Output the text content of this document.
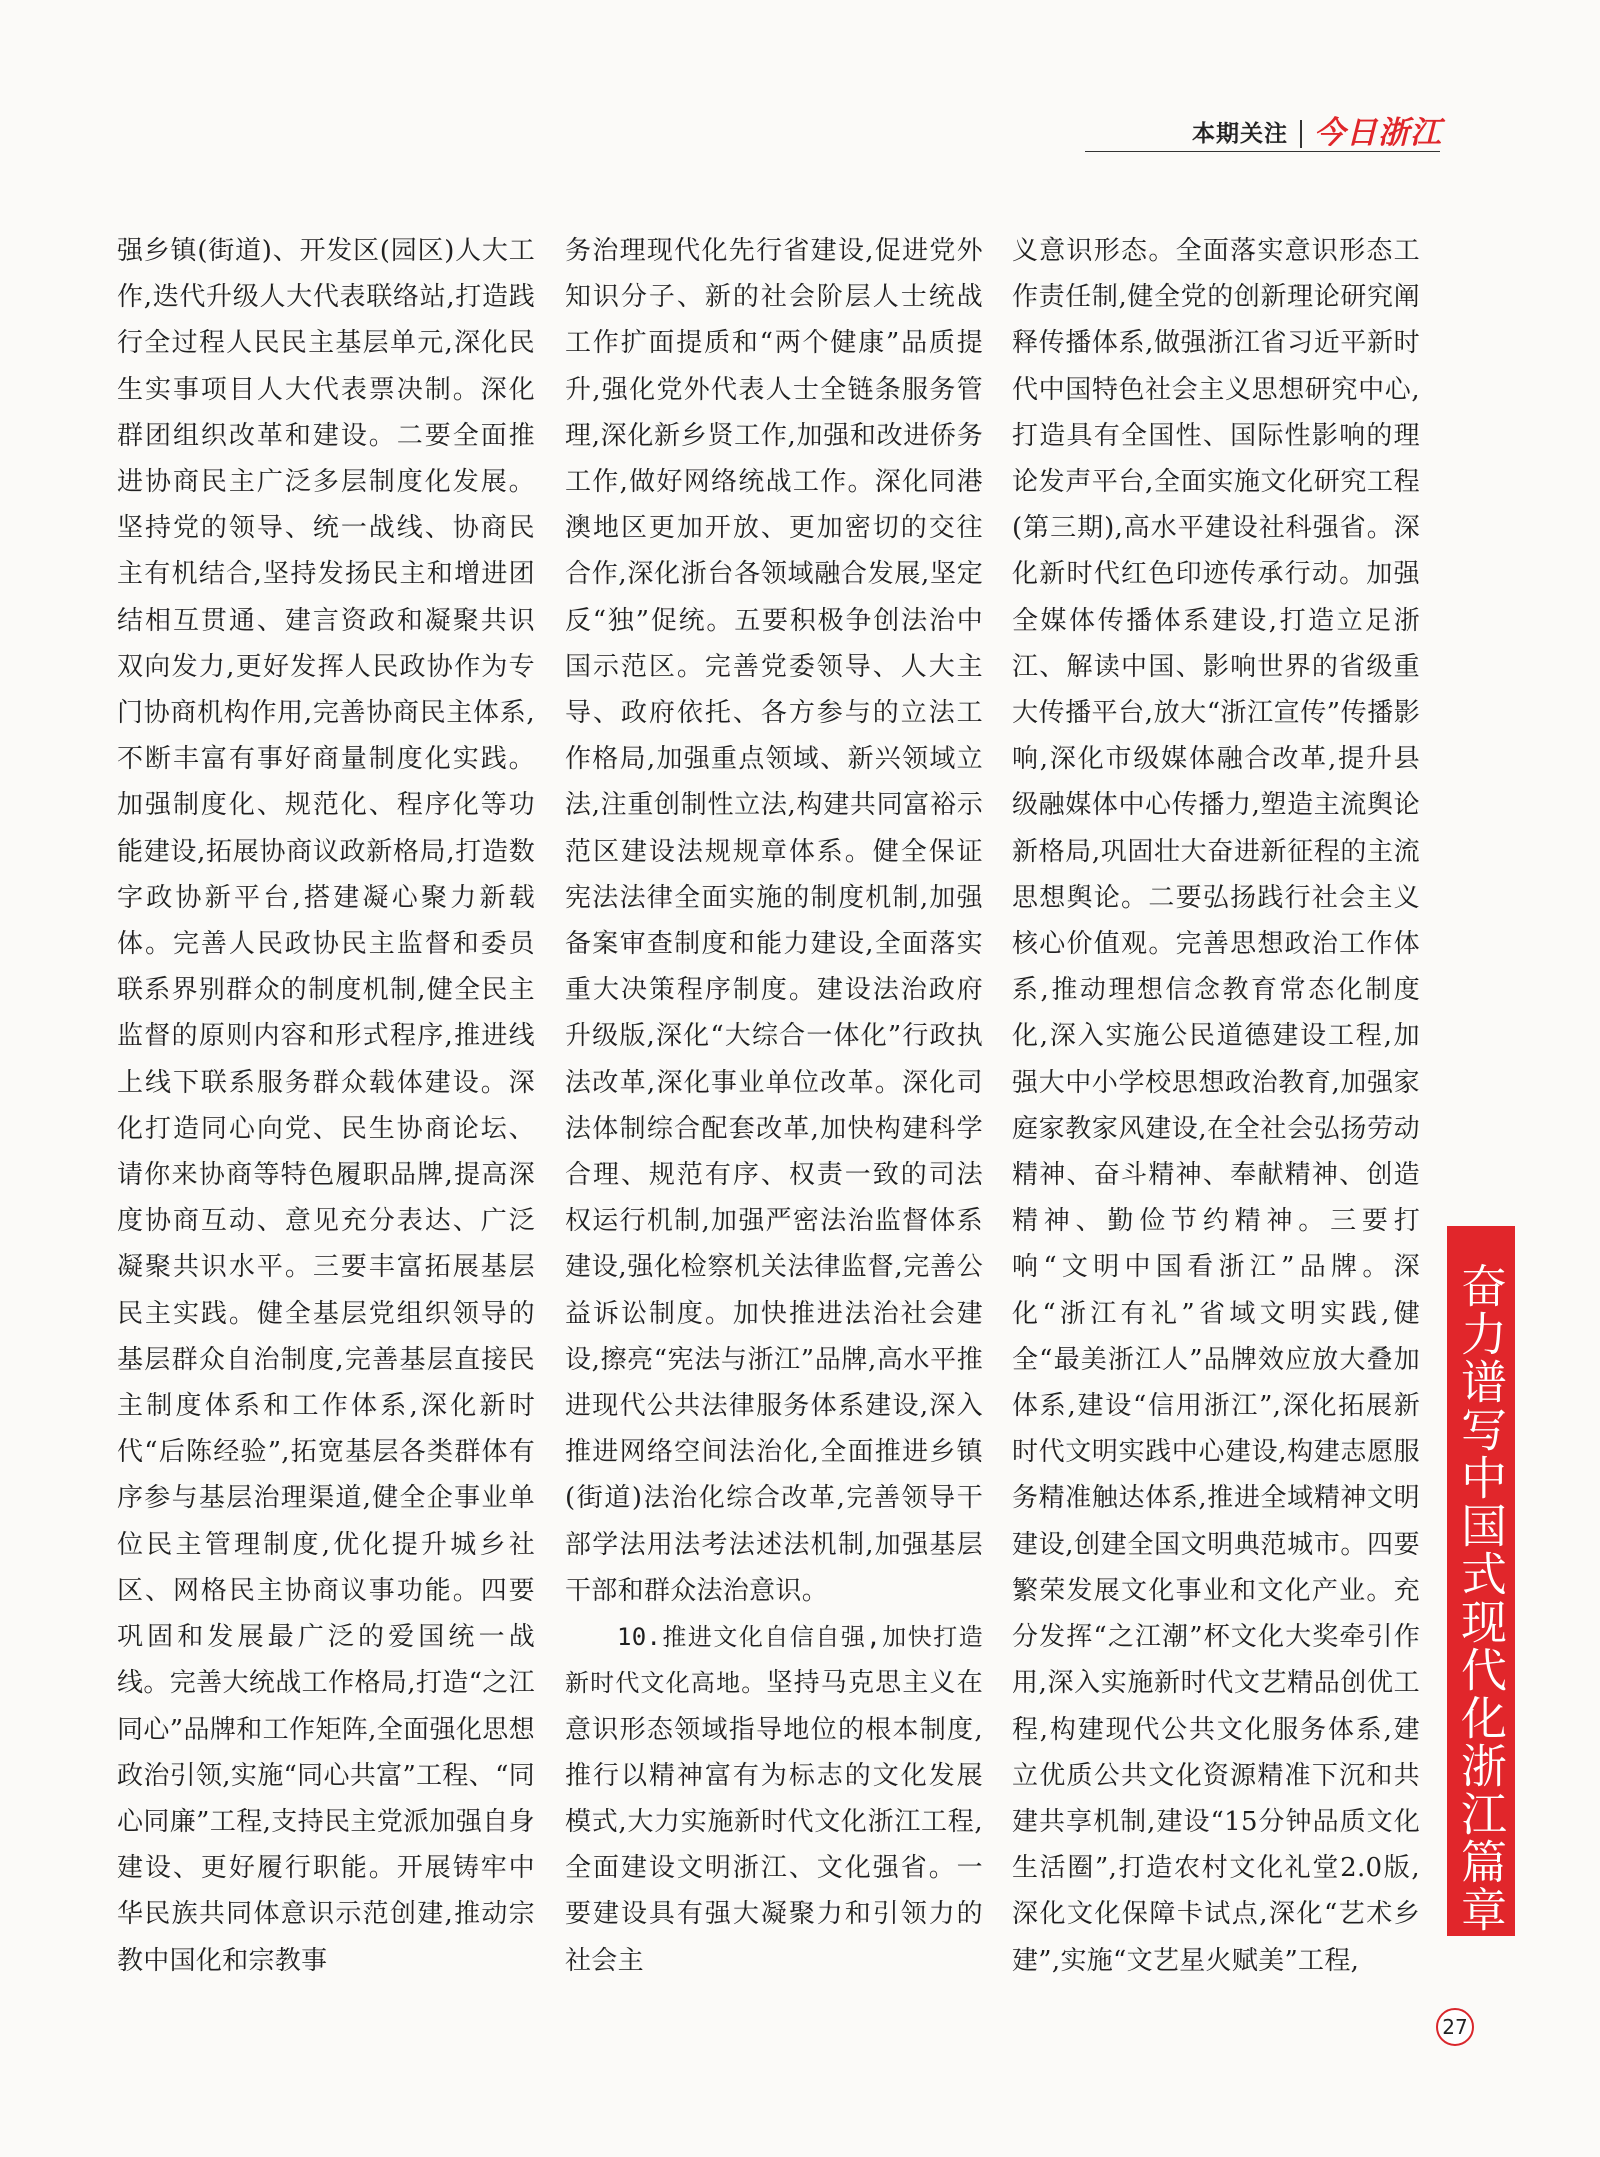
本期关注 今日浙江

强乡镇(街道)、开发区(园区)人大工作,迭代升级人大代表联络站,打造践行全过程人民民主基层单元,深化民生实事项目人大代表票决制。深化群团组织改革和建设。二要全面推进协商民主广泛多层制度化发展。坚持党的领导、统一战线、协商民主有机结合,坚持发扬民主和增进团结相互贯通、建言资政和凝聚共识双向发力,更好发挥人民政协作为专门协商机构作用,完善协商民主体系,不断丰富有事好商量制度化实践。加强制度化、规范化、程序化等功能建设,拓展协商议政新格局,打造数字政协新平台,搭建凝心聚力新载体。完善人民政协民主监督和委员联系界别群众的制度机制,健全民主监督的原则内容和形式程序,推进线上线下联系服务群众载体建设。深化打造同心向党、民生协商论坛、请你来协商等特色履职品牌,提高深度协商互动、意见充分表达、广泛凝聚共识水平。三要丰富拓展基层民主实践。健全基层党组织领导的基层群众自治制度,完善基层直接民主制度体系和工作体系,深化新时代“后陈经验”,拓宽基层各类群体有序参与基层治理渠道,健全企事业单位民主管理制度,优化提升城乡社区、网格民主协商议事功能。四要巩固和发展最广泛的爱国统一战线。完善大统战工作格局,打造“之江同心”品牌和工作矩阵,全面强化思想政治引领,实施“同心共富”工程、“同心同廉”工程,支持民主党派加强自身建设、更好履行职能。开展铸牢中华民族共同体意识示范创建,推动宗教中国化和宗教事

务治理现代化先行省建设,促进党外知识分子、新的社会阶层人士统战工作扩面提质和“两个健康”品质提升,强化党外代表人士全链条服务管理,深化新乡贤工作,加强和改进侨务工作,做好网络统战工作。深化同港澳地区更加开放、更加密切的交往合作,深化浙台各领域融合发展,坚定反“独”促统。五要积极争创法治中国示范区。完善党委领导、人大主导、政府依托、各方参与的立法工作格局,加强重点领域、新兴领域立法,注重创制性立法,构建共同富裕示范区建设法规规章体系。健全保证宪法法律全面实施的制度机制,加强备案审查制度和能力建设,全面落实重大决策程序制度。建设法治政府升级版,深化“大综合一体化”行政执法改革,深化事业单位改革。深化司法体制综合配套改革,加快构建科学合理、规范有序、权责一致的司法权运行机制,加强严密法治监督体系建设,强化检察机关法律监督,完善公益诉讼制度。加快推进法治社会建设,擦亮“宪法与浙江”品牌,高水平推进现代公共法律服务体系建设,深入推进网络空间法治化,全面推进乡镇(街道)法治化综合改革,完善领导干部学法用法考法述法机制,加强基层干部和群众法治意识。

10.推进文化自信自强,加快打造新时代文化高地。坚持马克思主义在意识形态领域指导地位的根本制度,推行以精神富有为标志的文化发展模式,大力实施新时代文化浙江工程,全面建设文明浙江、文化强省。一要建设具有强大凝聚力和引领力的社会主

义意识形态。全面落实意识形态工作责任制,健全党的创新理论研究阐释传播体系,做强浙江省习近平新时代中国特色社会主义思想研究中心,打造具有全国性、国际性影响的理论发声平台,全面实施文化研究工程(第三期),高水平建设社科强省。深化新时代红色印迹传承行动。加强全媒体传播体系建设,打造立足浙江、解读中国、影响世界的省级重大传播平台,放大“浙江宣传”传播影响,深化市级媒体融合改革,提升县级融媒体中心传播力,塑造主流舆论新格局,巩固壮大奋进新征程的主流思想舆论。二要弘扬践行社会主义核心价值观。完善思想政治工作体系,推动理想信念教育常态化制度化,深入实施公民道德建设工程,加强大中小学校思想政治教育,加强家庭家教家风建设,在全社会弘扬劳动精神、奋斗精神、奉献精神、创造精神、勤俭节约精神。三要打响“文明中国看浙江”品牌。深化“浙江有礼”省域文明实践,健全“最美浙江人”品牌效应放大叠加体系,建设“信用浙江”,深化拓展新时代文明实践中心建设,构建志愿服务精准触达体系,推进全域精神文明建设,创建全国文明典范城市。四要繁荣发展文化事业和文化产业。充分发挥“之江潮”杯文化大奖牵引作用,深入实施新时代文艺精品创优工程,构建现代公共文化服务体系,建立优质公共文化资源精准下沉和共建共享机制,建设“15分钟品质文化生活圈”,打造农村文化礼堂2.0版,深化文化保障卡试点,深化“艺术乡建”,实施“文艺星火赋美”工程,

奋力谱写中国式现代化浙江篇章
27
